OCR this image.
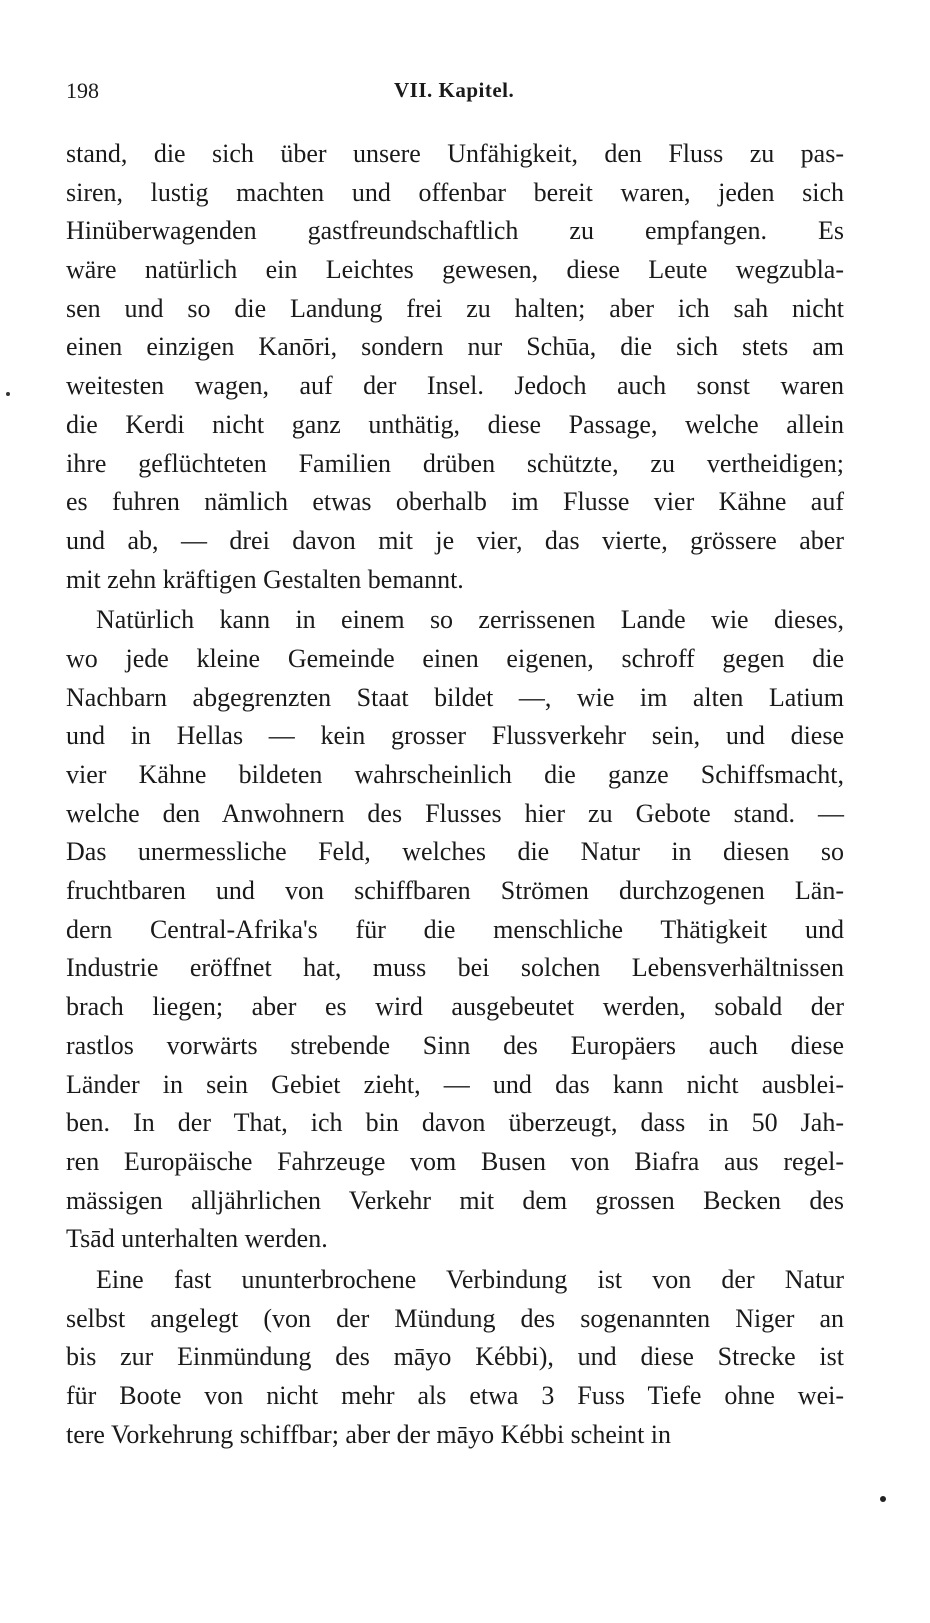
198	VII. Kapitel.
stand, die sich über unsere Unfähigkeit, den Fluss zu pas-
siren, lustig machten und offenbar bereit waren, jeden sich
Hinüberwagenden gastfreundschaftlich zu empfangen. Es
wäre natürlich ein Leichtes gewesen, diese Leute wegzubla-
sen und so die Landung frei zu halten; aber ich sah nicht
einen einzigen Kanōri, sondern nur Schūa, die sich stets am
weitesten wagen, auf der Insel. Jedoch auch sonst waren
die Kerdi nicht ganz unthätig, diese Passage, welche allein
ihre geflüchteten Familien drüben schützte, zu vertheidigen;
es fuhren nämlich etwas oberhalb im Flusse vier Kähne auf
und ab, — drei davon mit je vier, das vierte, grössere aber
mit zehn kräftigen Gestalten bemannt.
Natürlich kann in einem so zerrissenen Lande wie dieses,
wo jede kleine Gemeinde einen eigenen, schroff gegen die
Nachbarn abgegrenzten Staat bildet —, wie im alten Latium
und in Hellas — kein grosser Flussverkehr sein, und diese
vier Kähne bildeten wahrscheinlich die ganze Schiffsmacht,
welche den Anwohnern des Flusses hier zu Gebote stand. —
Das unermessliche Feld, welches die Natur in diesen so
fruchtbaren und von schiffbaren Strömen durchzogenen Län-
dern Central-Afrika's für die menschliche Thätigkeit und
Industrie eröffnet hat, muss bei solchen Lebensverhältnissen
brach liegen; aber es wird ausgebeutet werden, sobald der
rastlos vorwärts strebende Sinn des Europäers auch diese
Länder in sein Gebiet zieht, — und das kann nicht ausblei-
ben. In der That, ich bin davon überzeugt, dass in 50 Jah-
ren Europäische Fahrzeuge vom Busen von Biafra aus regel-
mässigen alljährlichen Verkehr mit dem grossen Becken des
Tsād unterhalten werden.
Eine fast ununterbrochene Verbindung ist von der Natur
selbst angelegt (von der Mündung des sogenannten Niger an
bis zur Einmündung des māyo Kébbi), und diese Strecke ist
für Boote von nicht mehr als etwa 3 Fuss Tiefe ohne wei-
tere Vorkehrung schiffbar; aber der māyo Kébbi scheint in
